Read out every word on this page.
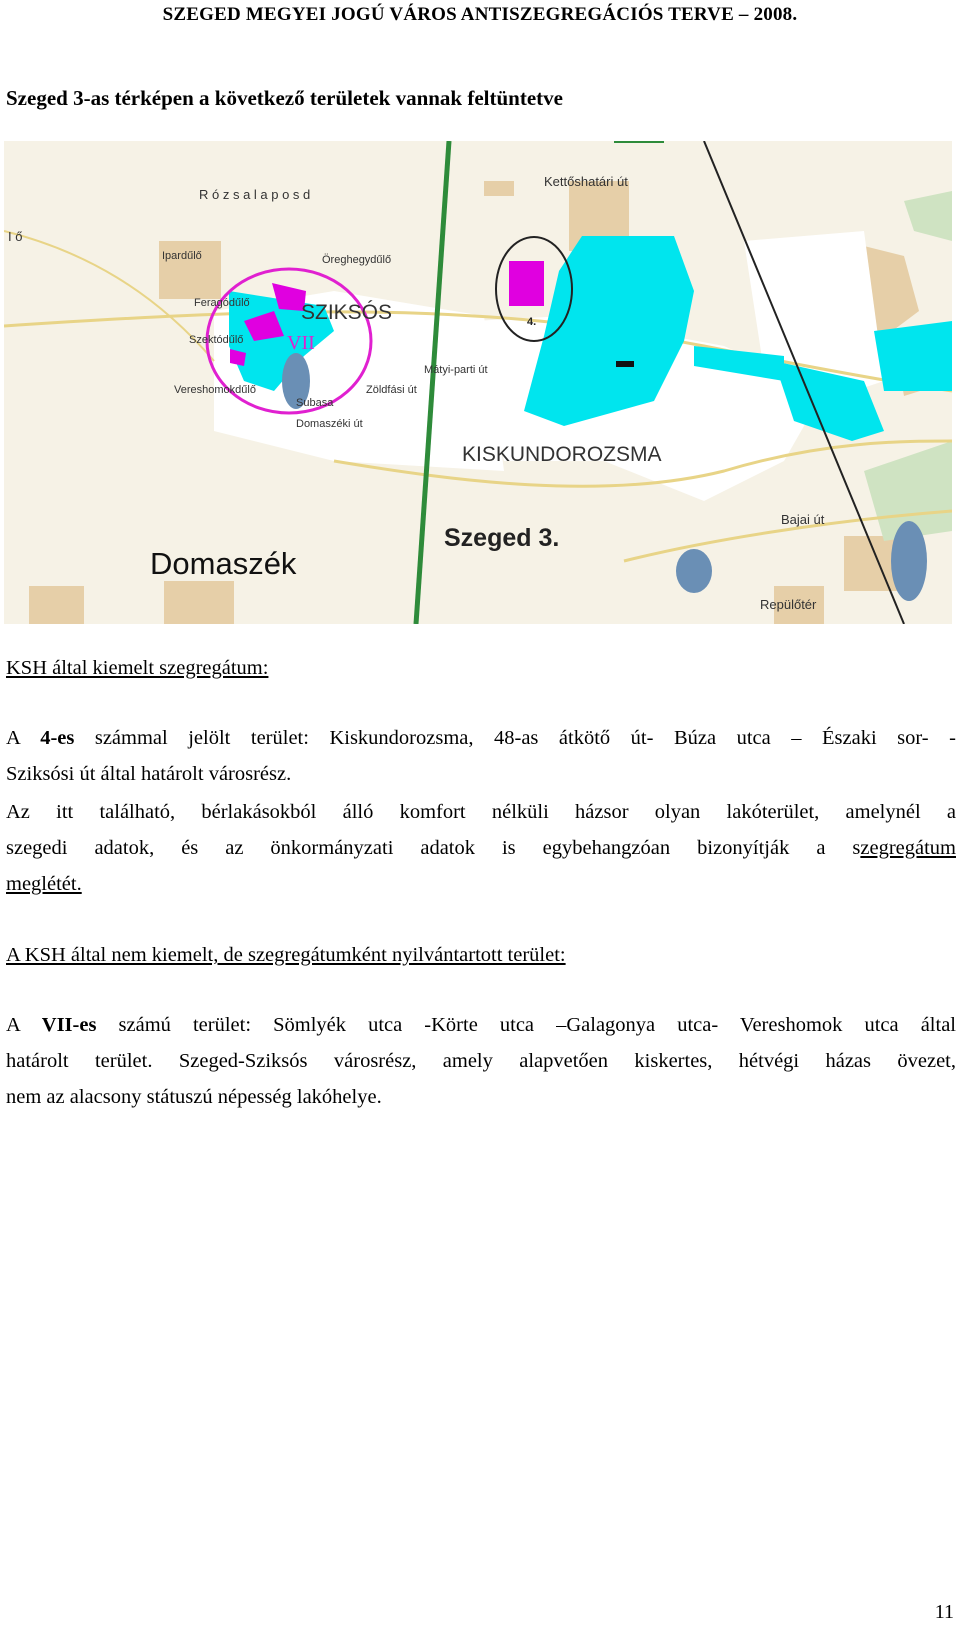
SZEGED MEGYEI JOGÚ VÁROS ANTISZEGREGÁCIÓS TERVE – 2008.
Szeged 3-as térképen a következő területek vannak feltüntetve
R ó z s a l a p o s d
Kettőshatári út
Ipardűlő	Öreghegydűlő
Feragódűlő SZIKSÓS
VII
Szektódűlő
Mátyi-parti út
Vereshomokdűlő	Zöldfási út
Subasa
Domaszéki út
4.
KISKUNDOROZSMA
Bajai út
Szeged 3.
Domaszék
Repülőtér
I ő
KSH által kiemelt szegregátum:
A 4-es számmal jelölt terület: Kiskundorozsma, 48-as átkötő út- Búza utca – Északi sor- -
Sziksósi út által határolt városrész.
Az itt található, bérlakásokból álló komfort nélküli házsor olyan lakóterület, amelynél a
szegedi adatok, és az önkormányzati adatok is egybehangzóan bizonyítják a szegregátum
meglétét.
A KSH által nem kiemelt, de szegregátumként nyilvántartott terület:
A VII-es számú terület: Sömlyék utca -Körte utca –Galagonya utca- Vereshomok utca által
határolt terület. Szeged-Sziksós városrész, amely alapvetően kiskertes, hétvégi házas övezet,
nem az alacsony státuszú népesség lakóhelye.
11
